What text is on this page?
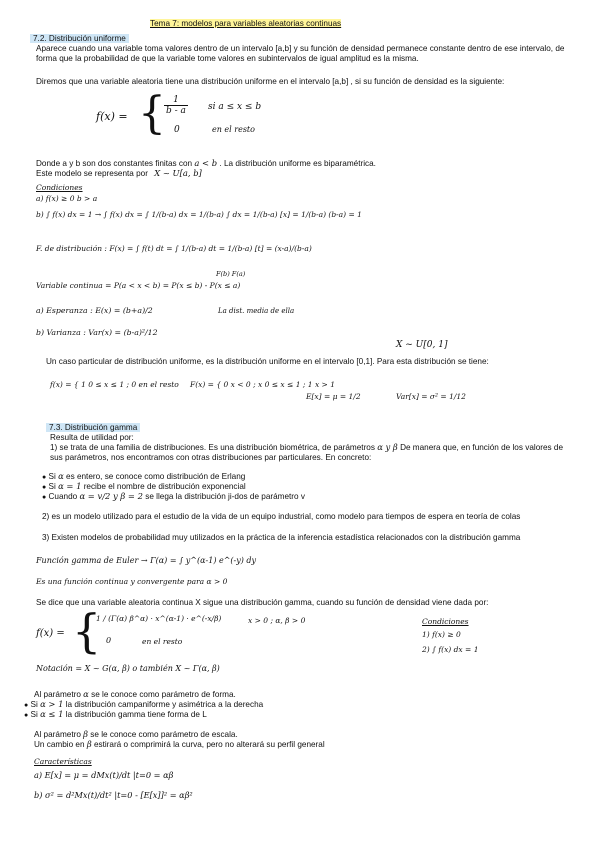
Tema 7: modelos para variables aleatorias continuas
7.2. Distribución uniforme
Aparece cuando una variable toma valores dentro de un intervalo [a,b] y su función de densidad permanece constante dentro de ese intervalo, de forma que la probabilidad de que la variable tome valores en subintervalos de igual amplitud es la misma.
Diremos que una variable aleatoria tiene una distribución uniforme en el intervalo [a,b] , si su función de densidad es la siguiente:
f(x) = {
$\frac{1}{b - a}$ si a ≤ x ≤ b
0	en el resto
Donde a y b son dos constantes finitas con a < b . La distribución uniforme es biparamétrica.
Este modelo se representa por X ~ U[a, b]
Condiciones
a) f(x) ≥ 0 b > a
b) ∫ f(x) dx = 1 → ∫ f(x) dx = ∫ 1/(b-a) dx = 1/(b-a) ∫ dx = 1/(b-a) [x] = 1/(b-a) (b-a) = 1
F. de distribución : F(x) = ∫ f(t) dt = ∫ 1/(b-a) dt = 1/(b-a) [t] = (x-a)/(b-a)
F(b) F(a)
Variable continua = P(a < x < b) = P(x ≤ b) - P(x ≤ a)
a) Esperanza : E(x) = (b+a)/2	La dist. media de ella
b) Varianza : Var(x) = (b-a)²/12
X ~ U[0, 1]
Un caso particular de distribución uniforme, es la distribución uniforme en el intervalo [0,1]. Para esta distribución se tiene:
f(x) = { 1 0 ≤ x ≤ 1 ; 0 en el resto F(x) = { 0 x < 0 ; x 0 ≤ x ≤ 1 ; 1 x > 1
E[x] = μ = 1/2	Var[x] = σ² = 1/12
7.3. Distribución gamma
Resulta de utilidad por:
1) se trata de una familia de distribuciones. Es una distribución biométrica, de parámetros α y β De manera que, en función de los valores de sus parámetros, nos encontramos con otras distribuciones par particulares. En concreto:
● Si α es entero, se conoce como distribución de Erlang
● Si α = 1 recibe el nombre de distribución exponencial
● Cuando α = v/2 y β = 2 se llega la distribución ji-dos de parámetro v
2) es un modelo utilizado para el estudio de la vida de un equipo industrial, como modelo para tiempos de espera en teoría de colas
3) Existen modelos de probabilidad muy utilizados en la práctica de la inferencia estadística relacionados con la distribución gamma
Función gamma de Euler → Γ(α) = ∫ y^(α-1) e^(-y) dy
Es una función continua y convergente para α > 0
Se dice que una variable aleatoria continua X sigue una distribución gamma, cuando su función de densidad viene dada por:
f(x) = {
1 / (Γ(α) β^α) · x^(α-1) · e^(-x/β)	x > 0 ; α, β > 0
0	en el resto
Condiciones
1) f(x) ≥ 0
2) ∫ f(x) dx = 1
Notación = X ~ G(α, β) o también X ~ Γ(α, β)
Al parámetro α se le conoce como parámetro de forma.
● Si α > 1 la distribución campaniforme y asimétrica a la derecha
● Si α ≤ 1 la distribución gamma tiene forma de L
Al parámetro β se le conoce como parámetro de escala.
Un cambio en β estirará o comprimirá la curva, pero no alterará su perfil general
Características
a) E[x] = μ = dMx(t)/dt |t=0 = αβ
b) σ² = d²Mx(t)/dt² |t=0 - [E[x]]² = αβ²
